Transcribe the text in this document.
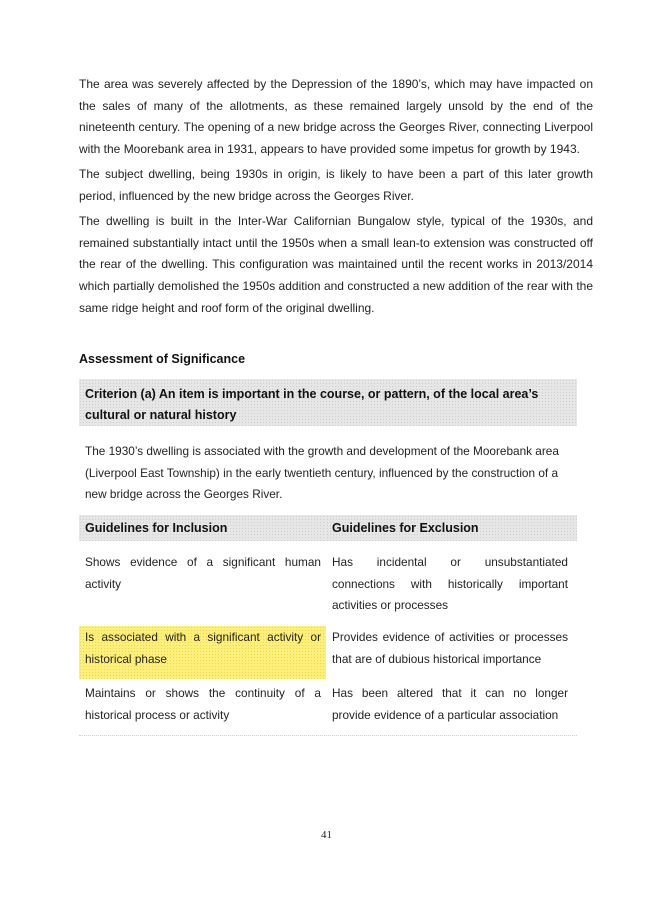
The area was severely affected by the Depression of the 1890’s, which may have impacted on the sales of many of the allotments, as these remained largely unsold by the end of the nineteenth century. The opening of a new bridge across the Georges River, connecting Liverpool with the Moorebank area in 1931, appears to have provided some impetus for growth by 1943.

The subject dwelling, being 1930s in origin, is likely to have been a part of this later growth period, influenced by the new bridge across the Georges River.

The dwelling is built in the Inter-War Californian Bungalow style, typical of the 1930s, and remained substantially intact until the 1950s when a small lean-to extension was constructed off the rear of the dwelling. This configuration was maintained until the recent works in 2013/2014 which partially demolished the 1950s addition and constructed a new addition of the rear with the same ridge height and roof form of the original dwelling.

Assessment of Significance
Criterion (a) An item is important in the course, or pattern, of the local area’s cultural or natural history
The 1930’s dwelling is associated with the growth and development of the Moorebank area (Liverpool East Township) in the early twentieth century, influenced by the construction of a new bridge across the Georges River.
Guidelines for Inclusion	Guidelines for Exclusion
Shows evidence of a significant human activity
Has incidental or unsubstantiated connections with historically important activities or processes
Is associated with a significant activity or historical phase
Provides evidence of activities or processes that are of dubious historical importance
Maintains or shows the continuity of a historical process or activity
Has been altered that it can no longer provide evidence of a particular association
41
